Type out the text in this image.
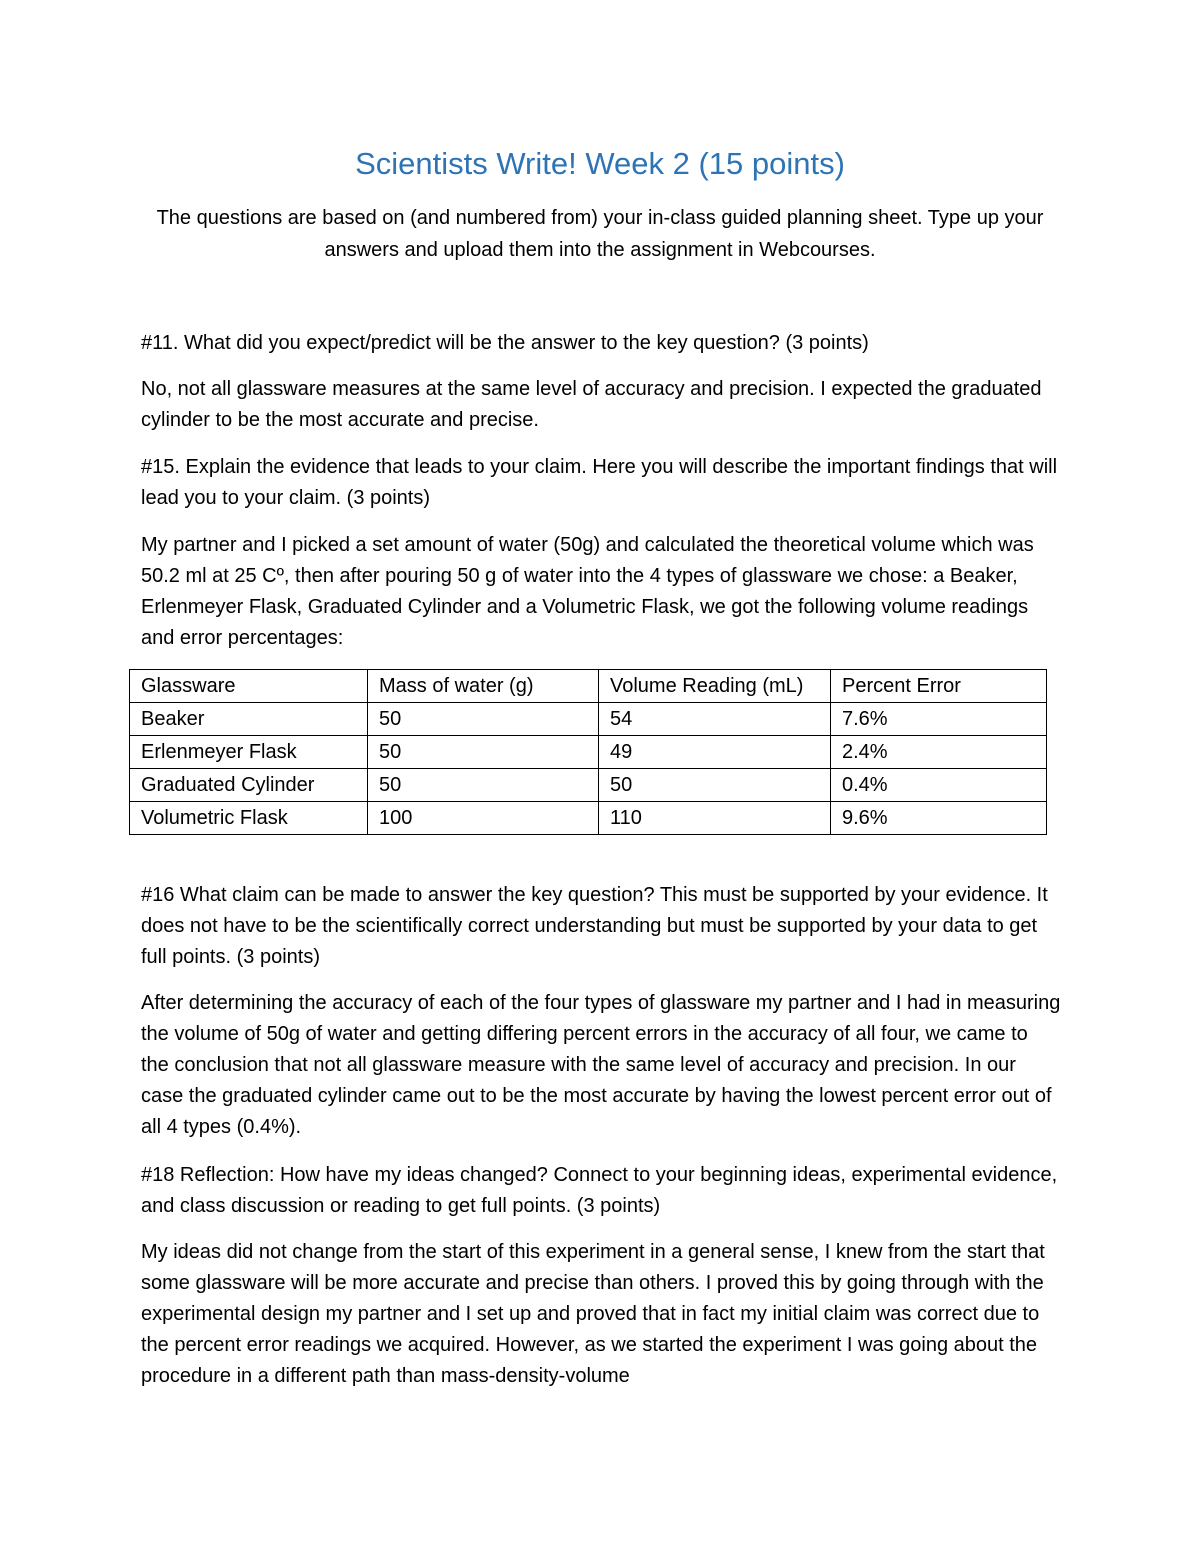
Scientists Write! Week 2 (15 points)

The questions are based on (and numbered from) your in-class guided planning sheet. Type up your answers and upload them into the assignment in Webcourses.

#11. What did you expect/predict will be the answer to the key question? (3 points)

No, not all glassware measures at the same level of accuracy and precision. I expected the graduated cylinder to be the most accurate and precise.

#15. Explain the evidence that leads to your claim. Here you will describe the important findings that will lead you to your claim. (3 points)

My partner and I picked a set amount of water (50g) and calculated the theoretical volume which was 50.2 ml at 25 Cº, then after pouring 50 g of water into the 4 types of glassware we chose: a Beaker, Erlenmeyer Flask, Graduated Cylinder and a Volumetric Flask, we got the following volume readings and error percentages:

Glassware	Mass of water (g)	Volume Reading (mL)	Percent Error
Beaker	50	54	7.6%
Erlenmeyer Flask	50	49	2.4%
Graduated Cylinder	50	50	0.4%
Volumetric Flask	100	110	9.6%

#16 What claim can be made to answer the key question? This must be supported by your evidence. It does not have to be the scientifically correct understanding but must be supported by your data to get full points. (3 points)

After determining the accuracy of each of the four types of glassware my partner and I had in measuring the volume of 50g of water and getting differing percent errors in the accuracy of all four, we came to the conclusion that not all glassware measure with the same level of accuracy and precision. In our case the graduated cylinder came out to be the most accurate by having the lowest percent error out of all 4 types (0.4%).

#18 Reflection: How have my ideas changed? Connect to your beginning ideas, experimental evidence, and class discussion or reading to get full points. (3 points)

My ideas did not change from the start of this experiment in a general sense, I knew from the start that some glassware will be more accurate and precise than others. I proved this by going through with the experimental design my partner and I set up and proved that in fact my initial claim was correct due to the percent error readings we acquired. However, as we started the experiment I was going about the procedure in a different path than mass-density-volume
